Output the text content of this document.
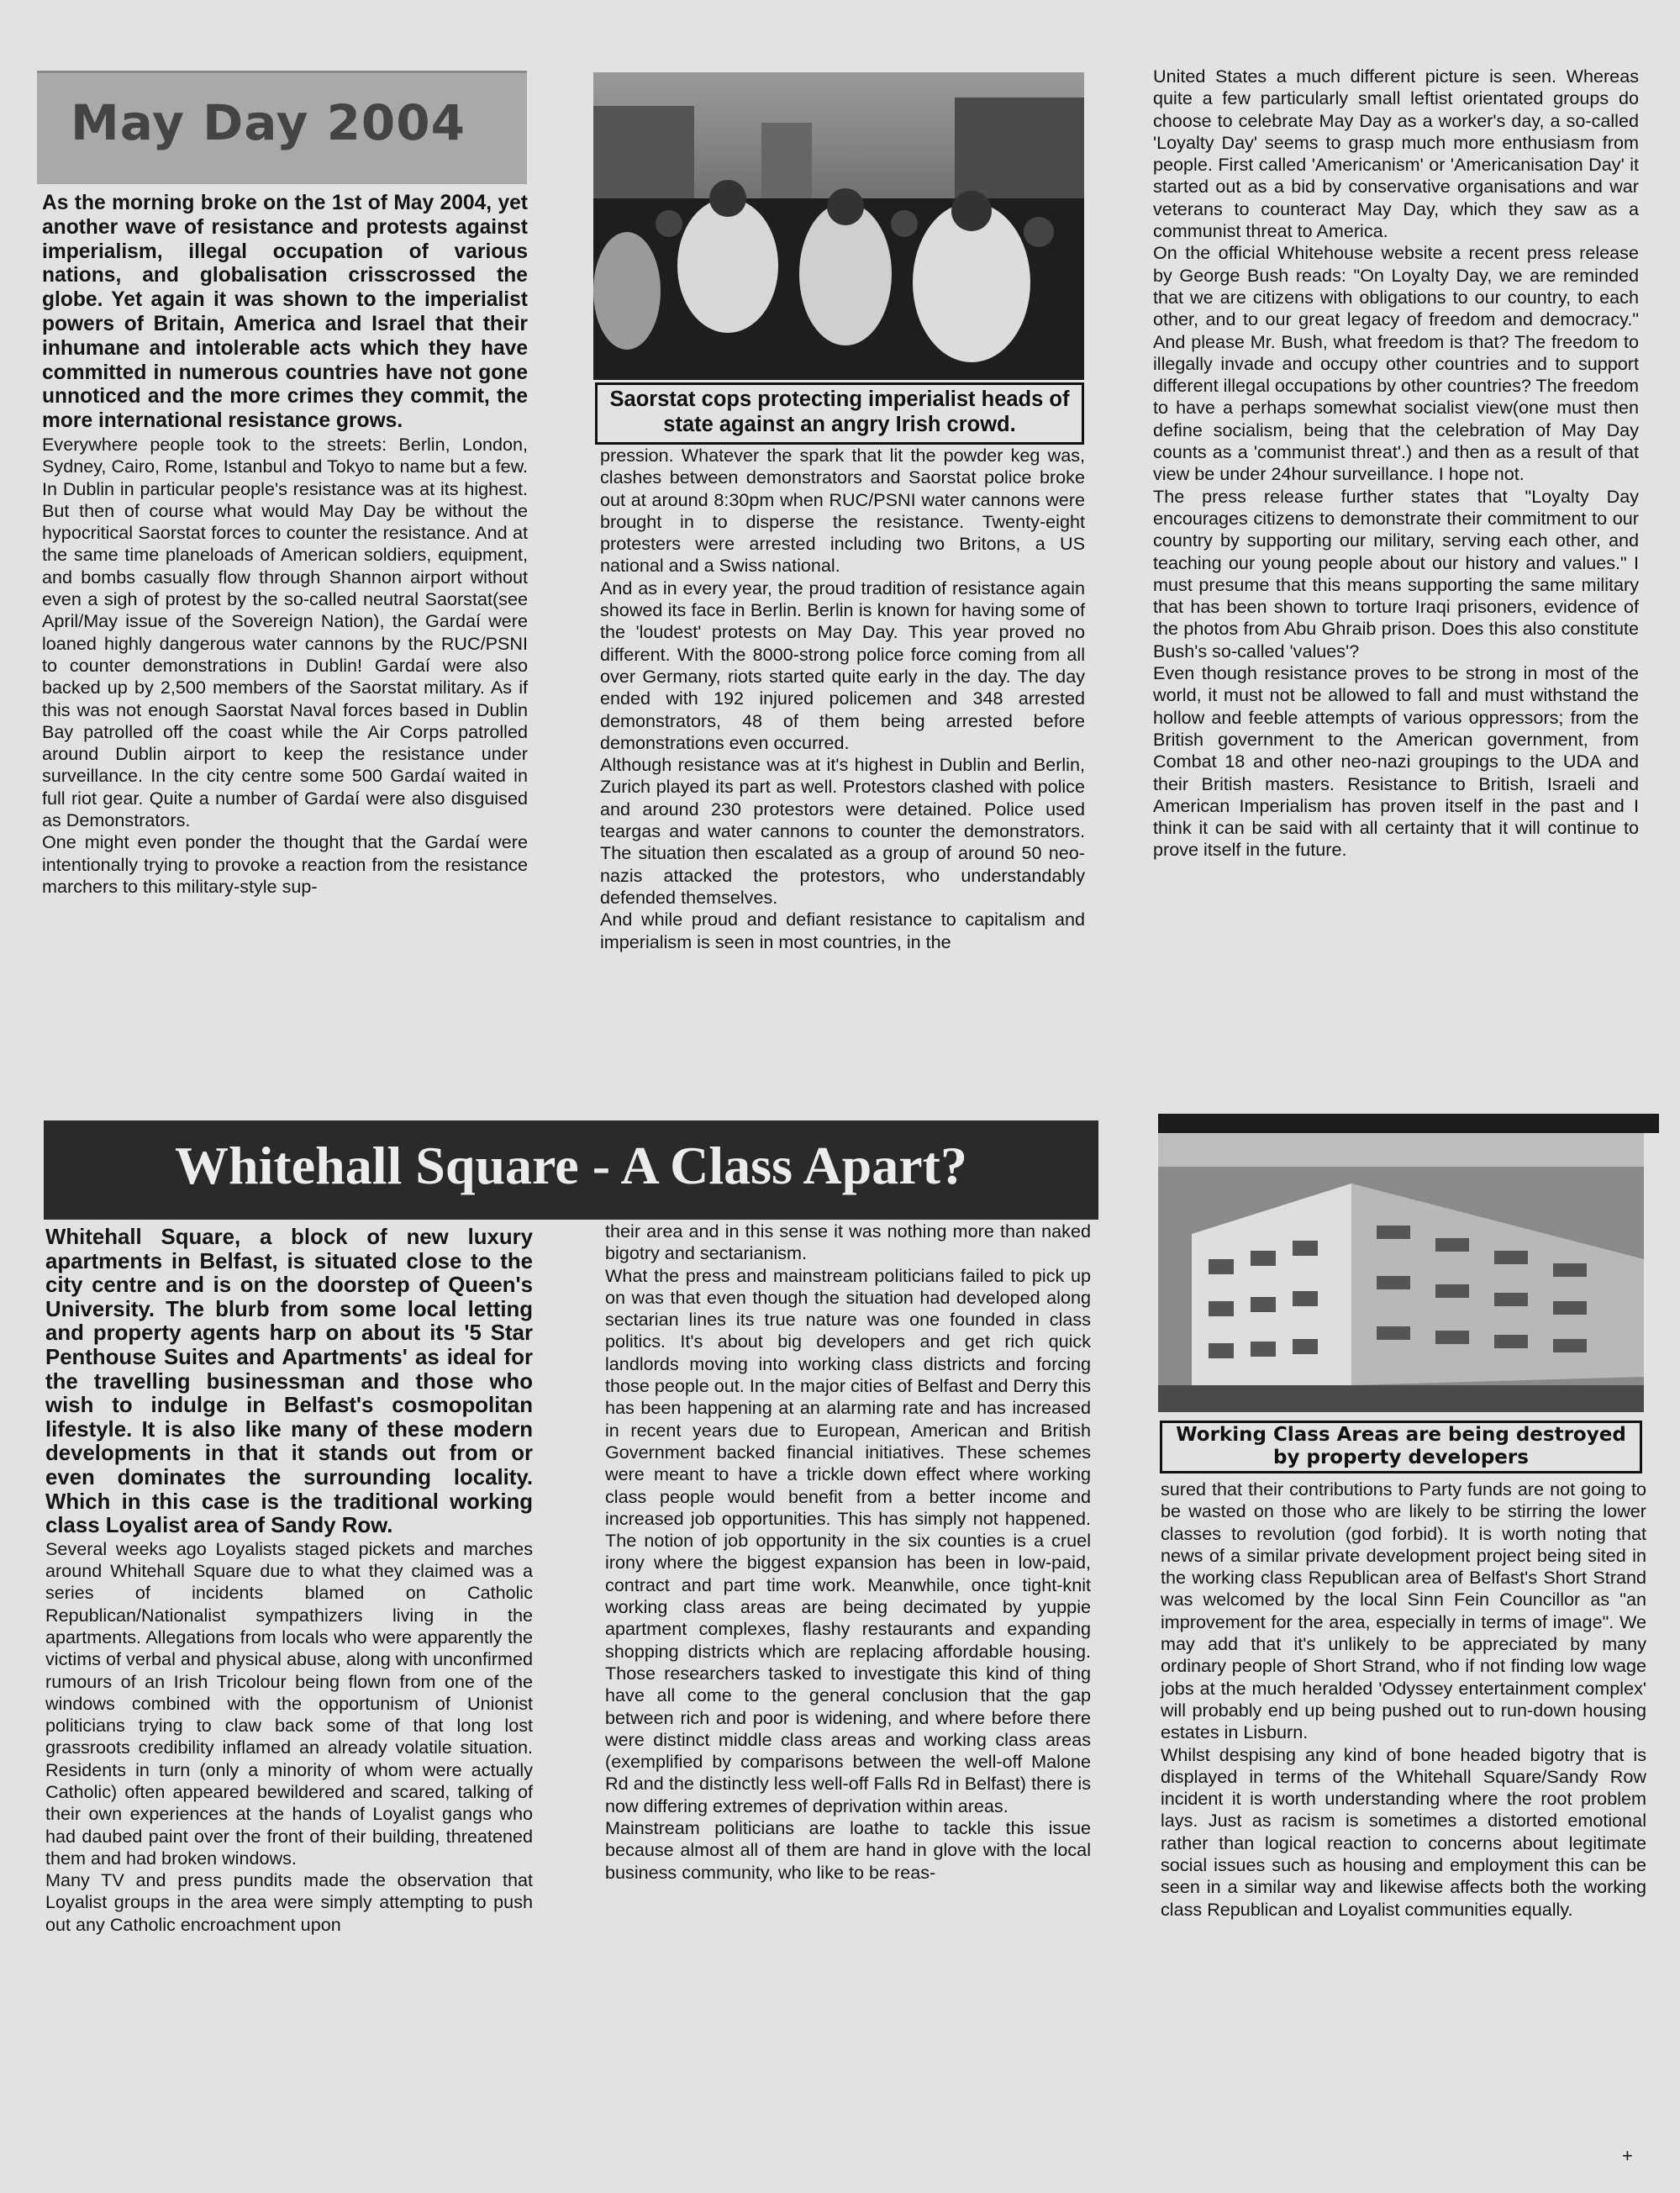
May Day 2004

As the morning broke on the 1st of May 2004, yet another wave of resistance and protests against imperialism, illegal occupation of various nations, and globalisation crisscrossed the globe. Yet again it was shown to the imperialist powers of Britain, America and Israel that their inhumane and intolerable acts which they have committed in numerous countries have not gone unnoticed and the more crimes they commit, the more international resistance grows.

Everywhere people took to the streets: Berlin, London, Sydney, Cairo, Rome, Istanbul and Tokyo to name but a few. In Dublin in particular people's resistance was at its highest. But then of course what would May Day be without the hypocritical Saorstat forces to counter the resistance. And at the same time planeloads of American soldiers, equipment, and bombs casually flow through Shannon airport without even a sigh of protest by the so-called neutral Saorstat(see April/May issue of the Sovereign Nation), the Gardaí were loaned highly dangerous water cannons by the RUC/PSNI to counter demonstrations in Dublin! Gardaí were also backed up by 2,500 members of the Saorstat military. As if this was not enough Saorstat Naval forces based in Dublin Bay patrolled off the coast while the Air Corps patrolled around Dublin airport to keep the resistance under surveillance. In the city centre some 500 Gardaí waited in full riot gear. Quite a number of Gardaí were also disguised as Demonstrators.

One might even ponder the thought that the Gardaí were intentionally trying to provoke a reaction from the resistance marchers to this military-style sup-

Saorstat cops protecting imperialist heads of state against an angry Irish crowd.

pression. Whatever the spark that lit the powder keg was, clashes between demonstrators and Saorstat police broke out at around 8:30pm when RUC/PSNI water cannons were brought in to disperse the resistance. Twenty-eight protesters were arrested including two Britons, a US national and a Swiss national.

And as in every year, the proud tradition of resistance again showed its face in Berlin. Berlin is known for having some of the 'loudest' protests on May Day. This year proved no different. With the 8000-strong police force coming from all over Germany, riots started quite early in the day. The day ended with 192 injured policemen and 348 arrested demonstrators, 48 of them being arrested before demonstrations even occurred.

Although resistance was at it's highest in Dublin and Berlin, Zurich played its part as well. Protestors clashed with police and around 230 protestors were detained. Police used teargas and water cannons to counter the demonstrators. The situation then escalated as a group of around 50 neo-nazis attacked the protestors, who understandably defended themselves.

And while proud and defiant resistance to capitalism and imperialism is seen in most countries, in the

United States a much different picture is seen. Whereas quite a few particularly small leftist orientated groups do choose to celebrate May Day as a worker's day, a so-called 'Loyalty Day' seems to grasp much more enthusiasm from people. First called 'Americanism' or 'Americanisation Day' it started out as a bid by conservative organisations and war veterans to counteract May Day, which they saw as a communist threat to America.

On the official Whitehouse website a recent press release by George Bush reads: "On Loyalty Day, we are reminded that we are citizens with obligations to our country, to each other, and to our great legacy of freedom and democracy." And please Mr. Bush, what freedom is that? The freedom to illegally invade and occupy other countries and to support different illegal occupations by other countries? The freedom to have a perhaps somewhat socialist view(one must then define socialism, being that the celebration of May Day counts as a 'communist threat'.) and then as a result of that view be under 24hour surveillance. I hope not.

The press release further states that "Loyalty Day encourages citizens to demonstrate their commitment to our country by supporting our military, serving each other, and teaching our young people about our history and values." I must presume that this means supporting the same military that has been shown to torture Iraqi prisoners, evidence of the photos from Abu Ghraib prison. Does this also constitute Bush's so-called 'values'?

Even though resistance proves to be strong in most of the world, it must not be allowed to fall and must withstand the hollow and feeble attempts of various oppressors; from the British government to the American government, from Combat 18 and other neo-nazi groupings to the UDA and their British masters. Resistance to British, Israeli and American Imperialism has proven itself in the past and I think it can be said with all certainty that it will continue to prove itself in the future.

Whitehall Square - A Class Apart?

Whitehall Square, a block of new luxury apartments in Belfast, is situated close to the city centre and is on the doorstep of Queen's University. The blurb from some local letting and property agents harp on about its '5 Star Penthouse Suites and Apartments' as ideal for the travelling businessman and those who wish to indulge in Belfast's cosmopolitan lifestyle. It is also like many of these modern developments in that it stands out from or even dominates the surrounding locality. Which in this case is the traditional working class Loyalist area of Sandy Row.

Several weeks ago Loyalists staged pickets and marches around Whitehall Square due to what they claimed was a series of incidents blamed on Catholic Republican/Nationalist sympathizers living in the apartments. Allegations from locals who were apparently the victims of verbal and physical abuse, along with unconfirmed rumours of an Irish Tricolour being flown from one of the windows combined with the opportunism of Unionist politicians trying to claw back some of that long lost grassroots credibility inflamed an already volatile situation. Residents in turn (only a minority of whom were actually Catholic) often appeared bewildered and scared, talking of their own experiences at the hands of Loyalist gangs who had daubed paint over the front of their building, threatened them and had broken windows.

Many TV and press pundits made the observation that Loyalist groups in the area were simply attempting to push out any Catholic encroachment upon

their area and in this sense it was nothing more than naked bigotry and sectarianism.

What the press and mainstream politicians failed to pick up on was that even though the situation had developed along sectarian lines its true nature was one founded in class politics. It's about big developers and get rich quick landlords moving into working class districts and forcing those people out. In the major cities of Belfast and Derry this has been happening at an alarming rate and has increased in recent years due to European, American and British Government backed financial initiatives. These schemes were meant to have a trickle down effect where working class people would benefit from a better income and increased job opportunities. This has simply not happened. The notion of job opportunity in the six counties is a cruel irony where the biggest expansion has been in low-paid, contract and part time work. Meanwhile, once tight-knit working class areas are being decimated by yuppie apartment complexes, flashy restaurants and expanding shopping districts which are replacing affordable housing. Those researchers tasked to investigate this kind of thing have all come to the general conclusion that the gap between rich and poor is widening, and where before there were distinct middle class areas and working class areas (exemplified by comparisons between the well-off Malone Rd and the distinctly less well-off Falls Rd in Belfast) there is now differing extremes of deprivation within areas.

Mainstream politicians are loathe to tackle this issue because almost all of them are hand in glove with the local business community, who like to be reas-

Working Class Areas are being destroyed by property developers

sured that their contributions to Party funds are not going to be wasted on those who are likely to be stirring the lower classes to revolution (god forbid). It is worth noting that news of a similar private development project being sited in the working class Republican area of Belfast's Short Strand was welcomed by the local Sinn Fein Councillor as "an improvement for the area, especially in terms of image". We may add that it's unlikely to be appreciated by many ordinary people of Short Strand, who if not finding low wage jobs at the much heralded 'Odyssey entertainment complex' will probably end up being pushed out to run-down housing estates in Lisburn.

Whilst despising any kind of bone headed bigotry that is displayed in terms of the Whitehall Square/Sandy Row incident it is worth understanding where the root problem lays. Just as racism is sometimes a distorted emotional rather than logical reaction to concerns about legitimate social issues such as housing and employment this can be seen in a similar way and likewise affects both the working class Republican and Loyalist communities equally.

+
